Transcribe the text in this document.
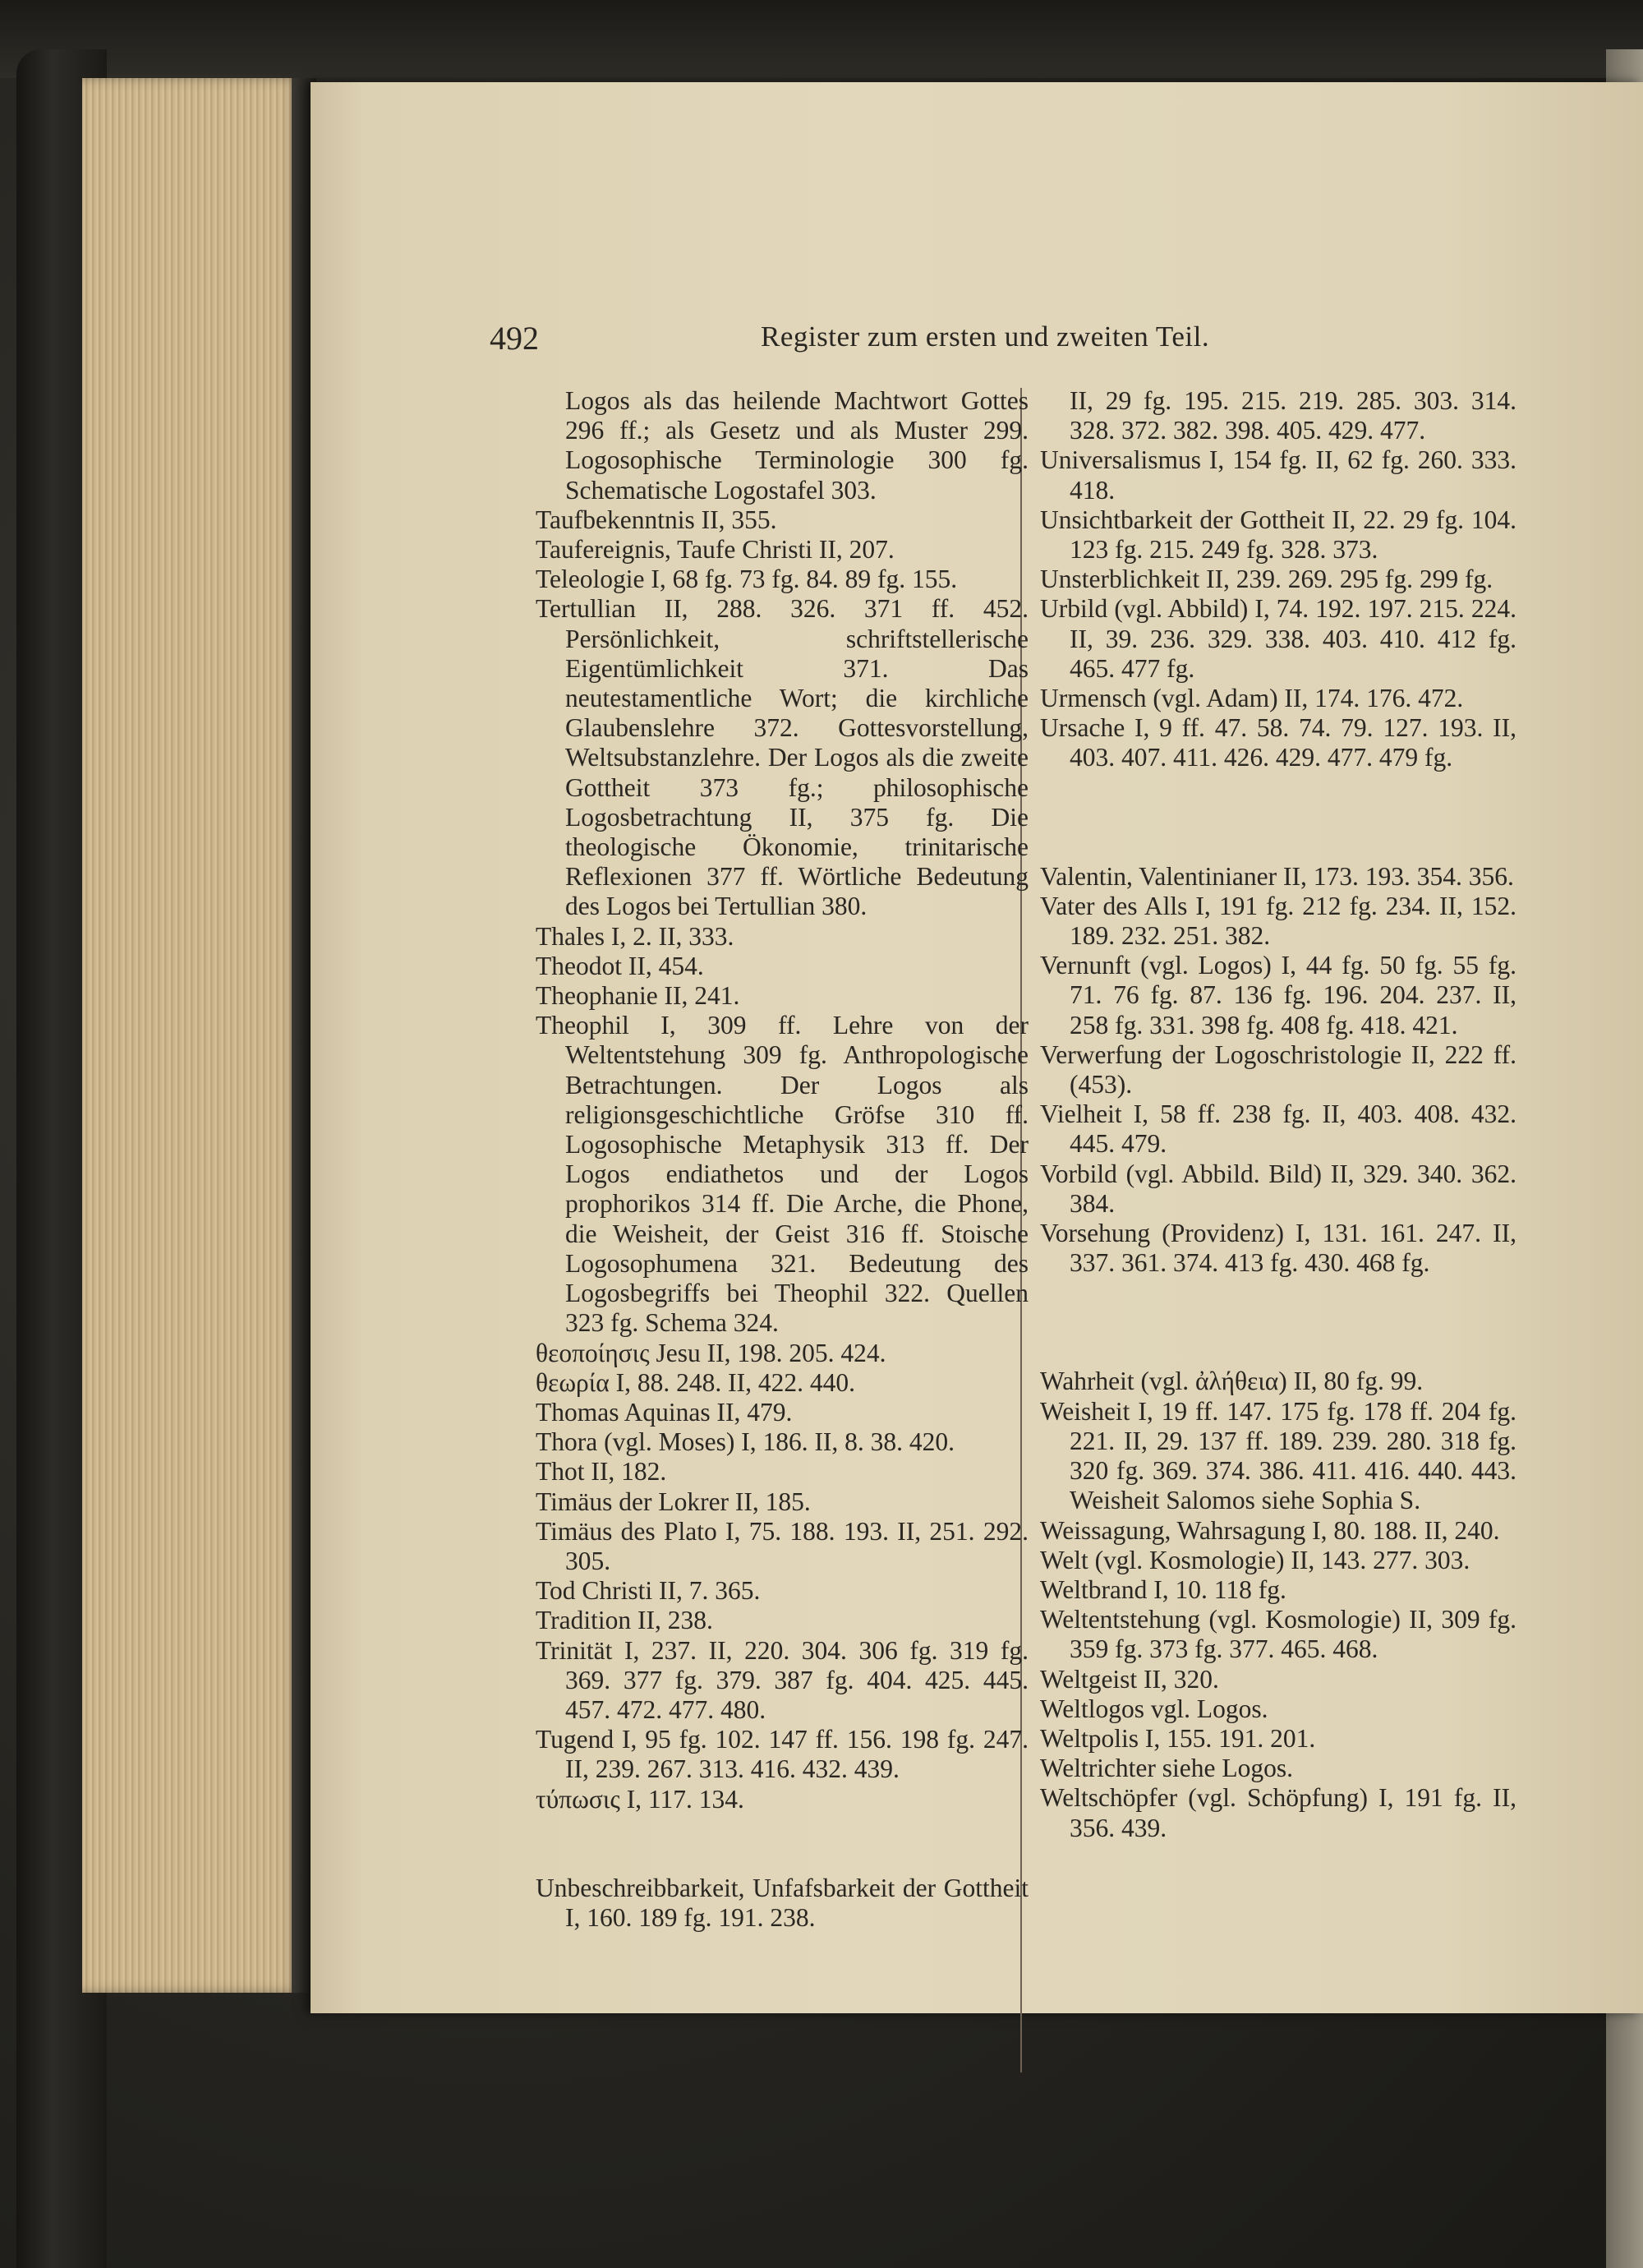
492	Register zum ersten und zweiten Teil.

Logos als das heilende Machtwort Gottes 296 ff.; als Gesetz und als Muster 299. Logosophische Terminologie 300 fg. Schematische Logostafel 303.

Taufbekenntnis II, 355.

Taufereignis, Taufe Christi II, 207.

Teleologie I, 68 fg. 73 fg. 84. 89 fg. 155.

Tertullian II, 288. 326. 371 ff. 452. Persönlichkeit, schriftstellerische Eigentümlichkeit 371. Das neutestamentliche Wort; die kirchliche Glaubenslehre 372. Gottesvorstellung, Weltsubstanzlehre. Der Logos als die zweite Gottheit 373 fg.; philosophische Logosbetrachtung II, 375 fg. Die theologische Ökonomie, trinitarische Reflexionen 377 ff. Wörtliche Bedeutung des Logos bei Tertullian 380.

Thales I, 2. II, 333.

Theodot II, 454.

Theophanie II, 241.

Theophil I, 309 ff. Lehre von der Weltentstehung 309 fg. Anthropologische Betrachtungen. Der Logos als religionsgeschichtliche Gröfse 310 ff. Logosophische Metaphysik 313 ff. Der Logos endiathetos und der Logos prophorikos 314 ff. Die Arche, die Phone, die Weisheit, der Geist 316 ff. Stoische Logosophumena 321. Bedeutung des Logosbegriffs bei Theophil 322. Quellen 323 fg. Schema 324.

θεοποίησις Jesu II, 198. 205. 424.

θεωρία I, 88. 248. II, 422. 440.

Thomas Aquinas II, 479.

Thora (vgl. Moses) I, 186. II, 8. 38. 420.

Thot II, 182.

Timäus der Lokrer II, 185.

Timäus des Plato I, 75. 188. 193. II, 251. 292. 305.

Tod Christi II, 7. 365.

Tradition II, 238.

Trinität I, 237. II, 220. 304. 306 fg. 319 fg. 369. 377 fg. 379. 387 fg. 404. 425. 445. 457. 472. 477. 480.

Tugend I, 95 fg. 102. 147 ff. 156. 198 fg. 247. II, 239. 267. 313. 416. 432. 439.

τύπωσις I, 117. 134.

Unbeschreibbarkeit, Unfafsbarkeit der Gottheit I, 160. 189 fg. 191. 238.

II, 29 fg. 195. 215. 219. 285. 303. 314. 328. 372. 382. 398. 405. 429. 477.

Universalismus I, 154 fg. II, 62 fg. 260. 333. 418.

Unsichtbarkeit der Gottheit II, 22. 29 fg. 104. 123 fg. 215. 249 fg. 328. 373.

Unsterblichkeit II, 239. 269. 295 fg. 299 fg.

Urbild (vgl. Abbild) I, 74. 192. 197. 215. 224. II, 39. 236. 329. 338. 403. 410. 412 fg. 465. 477 fg.

Urmensch (vgl. Adam) II, 174. 176. 472.

Ursache I, 9 ff. 47. 58. 74. 79. 127. 193. II, 403. 407. 411. 426. 429. 477. 479 fg.

Valentin, Valentinianer II, 173. 193. 354. 356.

Vater des Alls I, 191 fg. 212 fg. 234. II, 152. 189. 232. 251. 382.

Vernunft (vgl. Logos) I, 44 fg. 50 fg. 55 fg. 71. 76 fg. 87. 136 fg. 196. 204. 237. II, 258 fg. 331. 398 fg. 408 fg. 418. 421.

Verwerfung der Logoschristologie II, 222 ff. (453).

Vielheit I, 58 ff. 238 fg. II, 403. 408. 432. 445. 479.

Vorbild (vgl. Abbild. Bild) II, 329. 340. 362. 384.

Vorsehung (Providenz) I, 131. 161. 247. II, 337. 361. 374. 413 fg. 430. 468 fg.

Wahrheit (vgl. ἀλήθεια) II, 80 fg. 99.

Weisheit I, 19 ff. 147. 175 fg. 178 ff. 204 fg. 221. II, 29. 137 ff. 189. 239. 280. 318 fg. 320 fg. 369. 374. 386. 411. 416. 440. 443. Weisheit Salomos siehe Sophia S.

Weissagung, Wahrsagung I, 80. 188. II, 240.

Welt (vgl. Kosmologie) II, 143. 277. 303.

Weltbrand I, 10. 118 fg.

Weltentstehung (vgl. Kosmologie) II, 309 fg. 359 fg. 373 fg. 377. 465. 468.

Weltgeist II, 320.

Weltlogos vgl. Logos.

Weltpolis I, 155. 191. 201.

Weltrichter siehe Logos.

Weltschöpfer (vgl. Schöpfung) I, 191 fg. II, 356. 439.
